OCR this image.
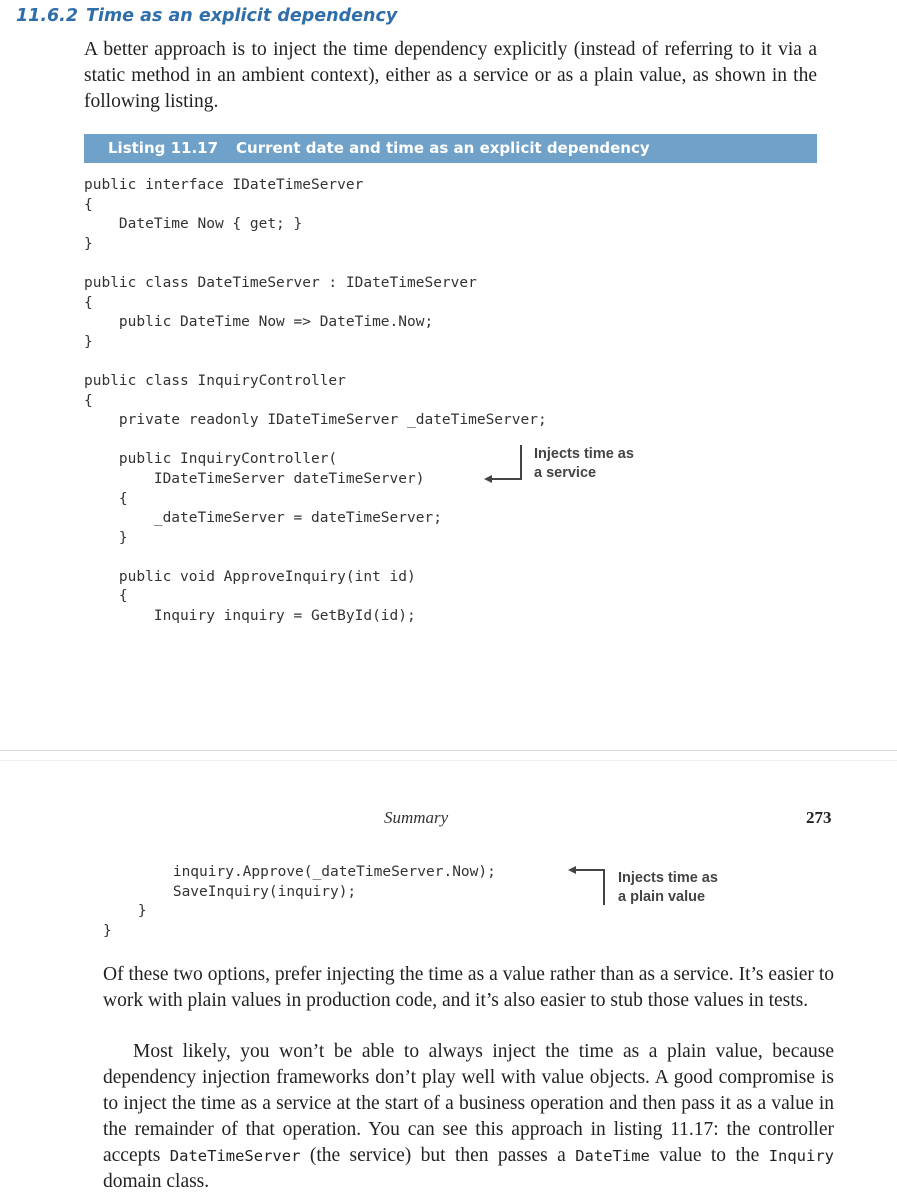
11.6.2 Time as an explicit dependency

A better approach is to inject the time dependency explicitly (instead of referring to it via a static method in an ambient context), either as a service or as a plain value, as shown in the following listing.

Listing 11.17 Current date and time as an explicit dependency
public interface IDateTimeServer
{
DateTime Now { get; }
}

public class DateTimeServer : IDateTimeServer
{
public DateTime Now => DateTime.Now;
}

public class InquiryController
{
private readonly IDateTimeServer _dateTimeServer;

public InquiryController(
IDateTimeServer dateTimeServer)
{
_dateTimeServer = dateTimeServer;
}

public void ApproveInquiry(int id)
{
Inquiry inquiry = GetById(id);
Injects time as
a service
Summary	273
inquiry.Approve(_dateTimeServer.Now);
SaveInquiry(inquiry);
}
}
Injects time as
a plain value

Of these two options, prefer injecting the time as a value rather than as a service. It’s easier to work with plain values in production code, and it’s also easier to stub those values in tests.

Most likely, you won’t be able to always inject the time as a plain value, because dependency injection frameworks don’t play well with value objects. A good compromise is to inject the time as a service at the start of a business operation and then pass it as a value in the remainder of that operation. You can see this approach in listing 11.17: the controller accepts DateTimeServer (the service) but then passes a DateTime value to the Inquiry domain class.
